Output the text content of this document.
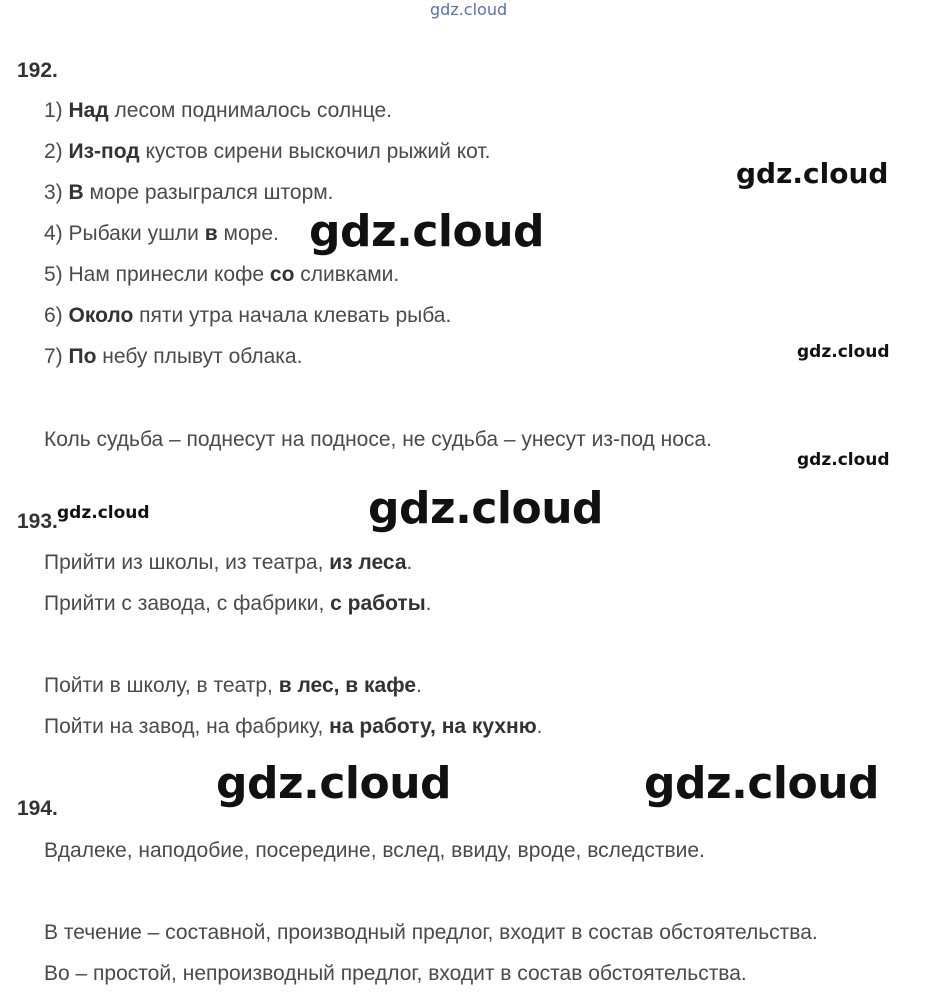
gdz.cloud
gdz.cloud
gdz.cloud
gdz.cloud
gdz.cloud
gdz.cloud
gdz.cloud
gdz.cloud	gdz.cloud
192.
1) Над лесом поднималось солнце.
2) Из-под кустов сирени выскочил рыжий кот.
3) В море разыгрался шторм.
4) Рыбаки ушли в море.
5) Нам принесли кофе со сливками.
6) Около пяти утра начала клевать рыба.
7) По небу плывут облака.
Коль судьба – поднесут на подносе, не судьба – унесут из-под носа.
193.
Прийти из школы, из театра, из леса.
Прийти с завода, с фабрики, с работы.
Пойти в школу, в театр, в лес, в кафе.
Пойти на завод, на фабрику, на работу, на кухню.
194.
Вдалеке, наподобие, посередине, вслед, ввиду, вроде, вследствие.
В течение – составной, производный предлог, входит в состав обстоятельства.
Во – простой, непроизводный предлог, входит в состав обстоятельства.
